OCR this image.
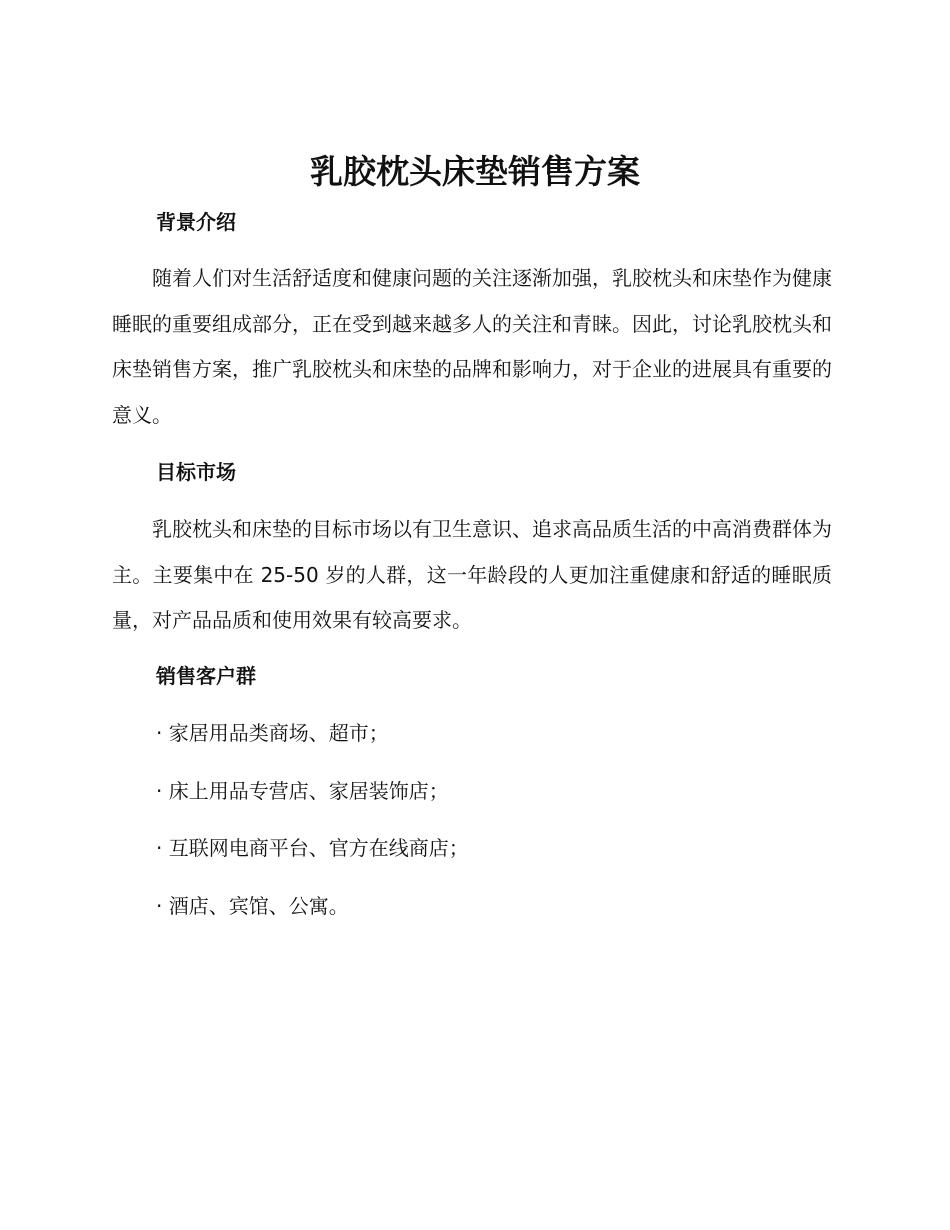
乳胶枕头床垫销售方案
背景介绍

随着人们对生活舒适度和健康问题的关注逐渐加强，乳胶枕头和床垫作为健康睡眠的重要组成部分，正在受到越来越多人的关注和青睐。因此，讨论乳胶枕头和床垫销售方案，推广乳胶枕头和床垫的品牌和影响力，对于企业的进展具有重要的意义。

目标市场

乳胶枕头和床垫的目标市场以有卫生意识、追求高品质生活的中高消费群体为主。主要集中在 25-50 岁的人群，这一年龄段的人更加注重健康和舒适的睡眠质量，对产品品质和使用效果有较高要求。

销售客户群

· 家居用品类商场、超市；

· 床上用品专营店、家居装饰店；

· 互联网电商平台、官方在线商店；

· 酒店、宾馆、公寓。
